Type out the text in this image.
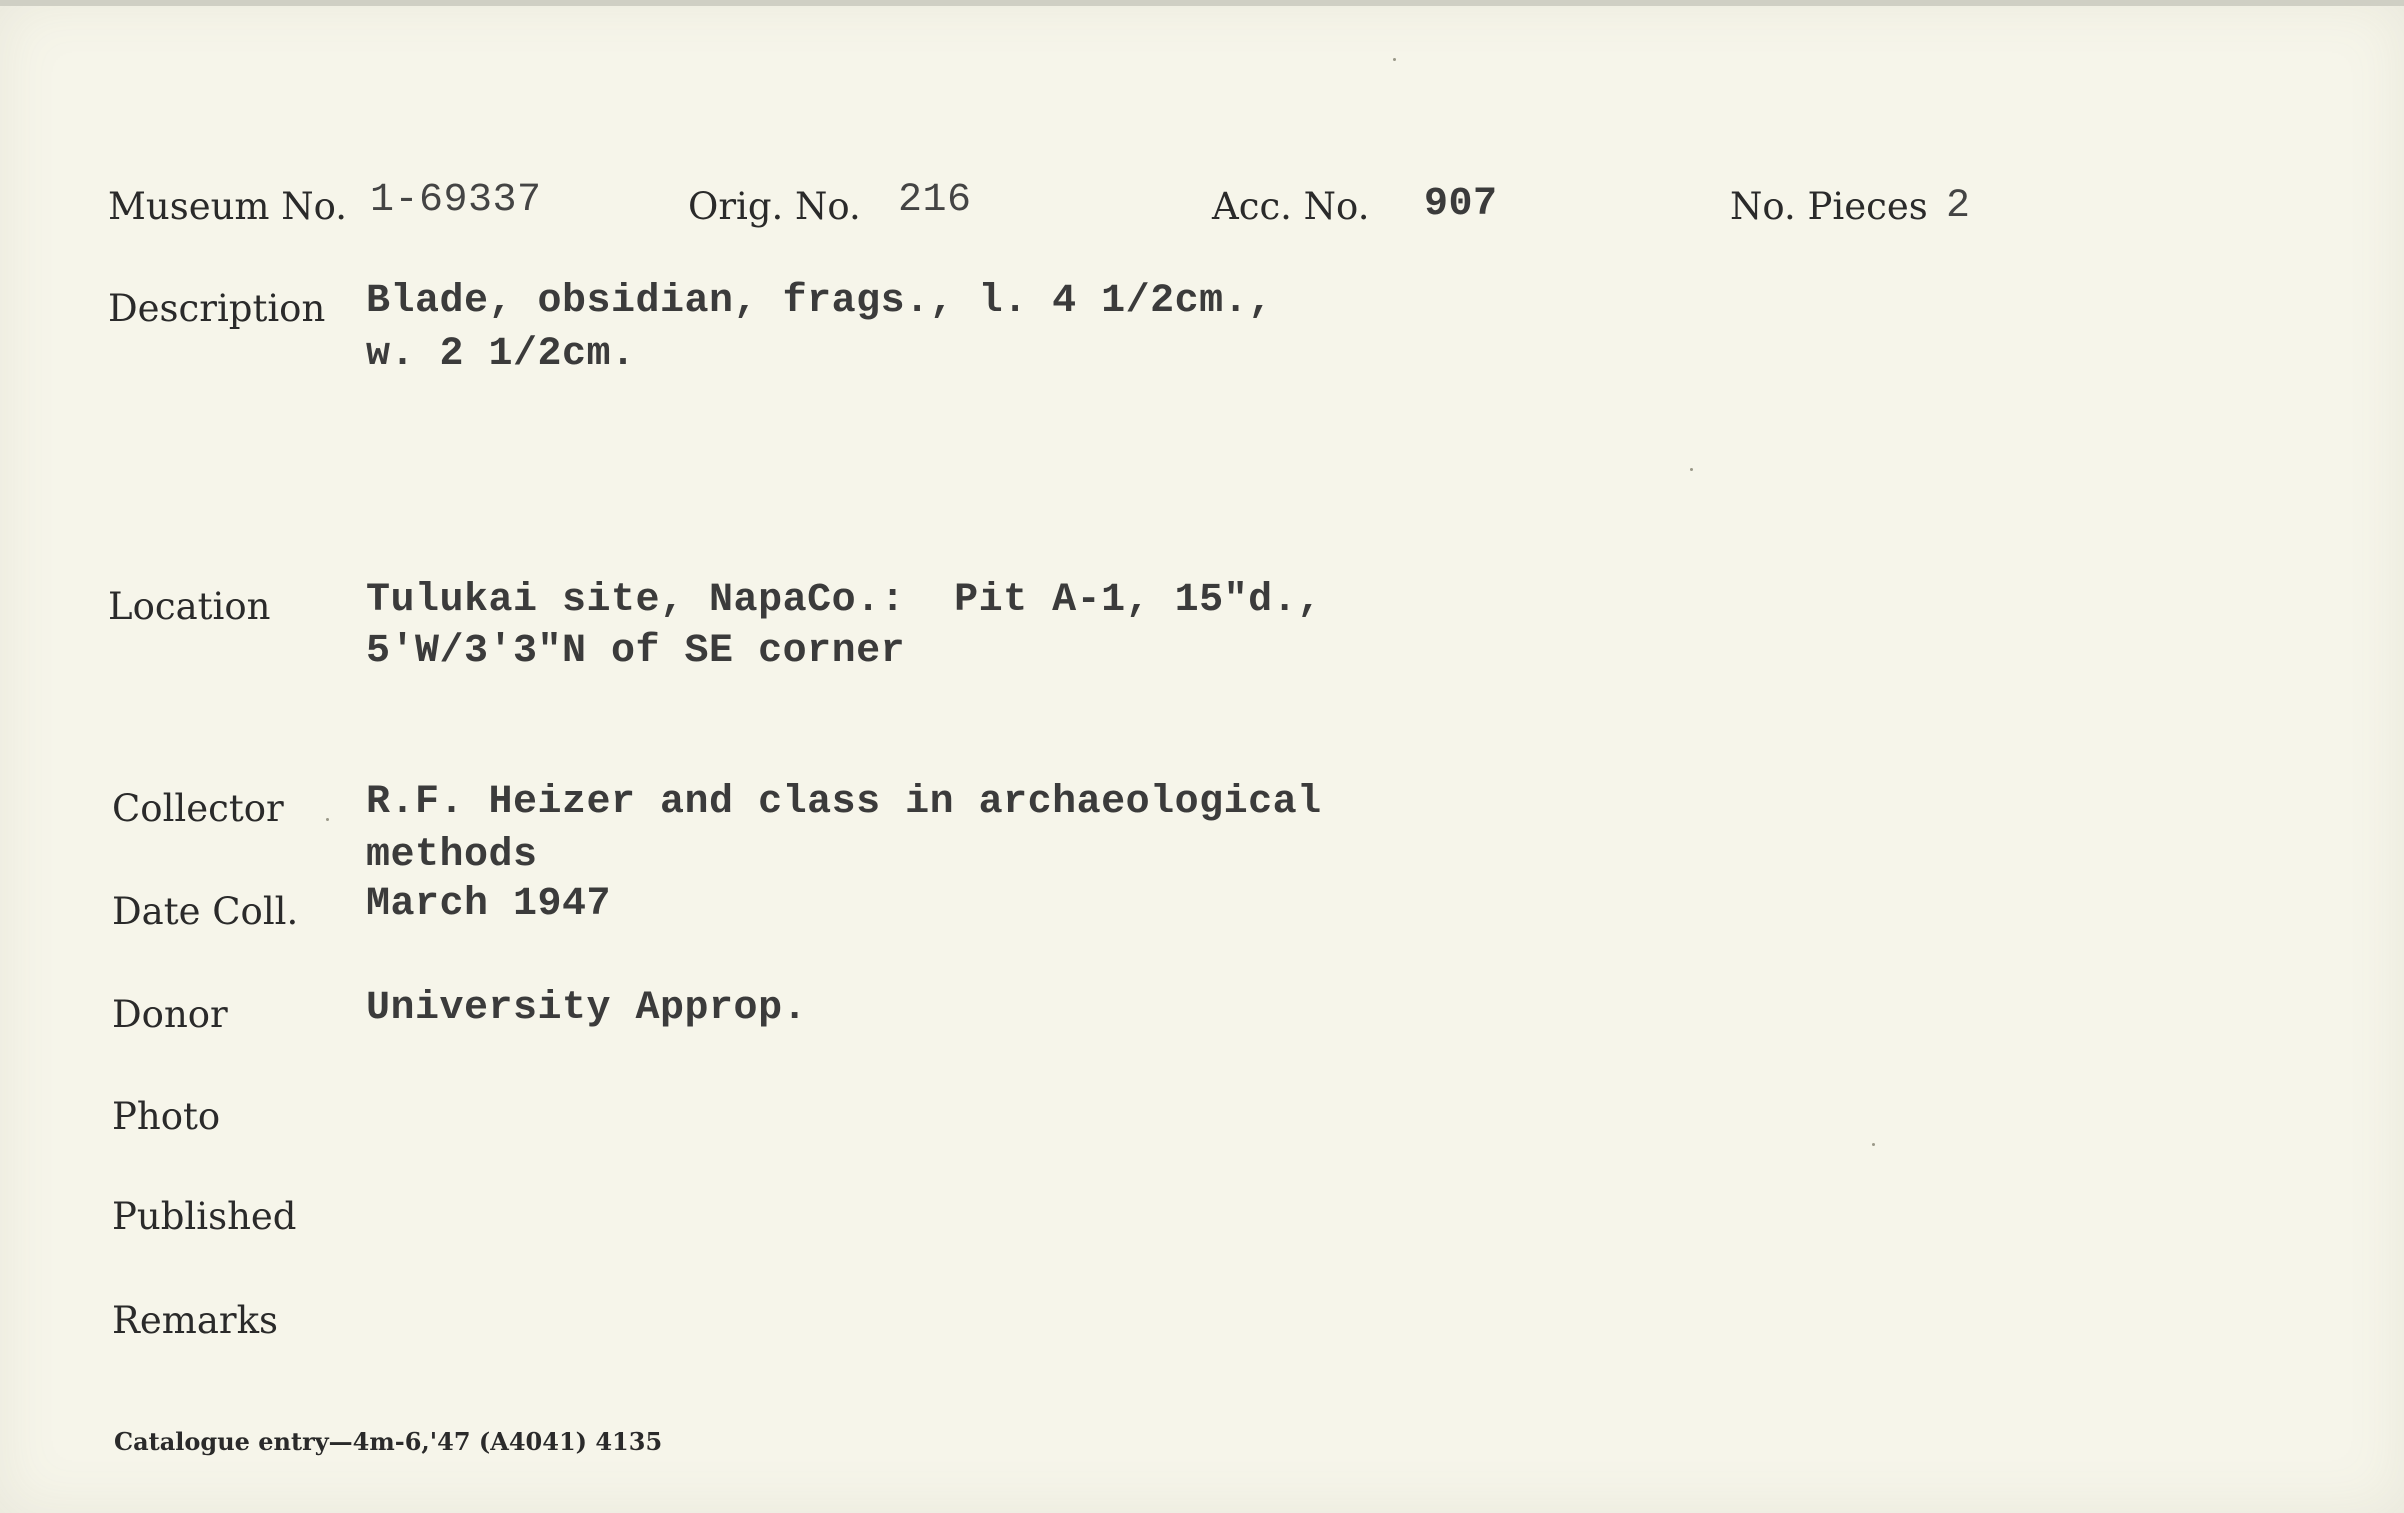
Museum No. 1-69337	Orig. No. 216	Acc. No. 907	No. Pieces 2
Description Blade, obsidian, frags., l. 4 1/2cm.,
w. 2 1/2cm.
Location Tulukai site, NapaCo.:  Pit A-1, 15"d.,
5'W/3'3"N of SE corner
Collector R.F. Heizer and class in archaeological
methods
Date Coll. March 1947
Donor	University Approp.
Photo
Published
Remarks
Catalogue entry—4m-6,'47 (A4041) 4135
